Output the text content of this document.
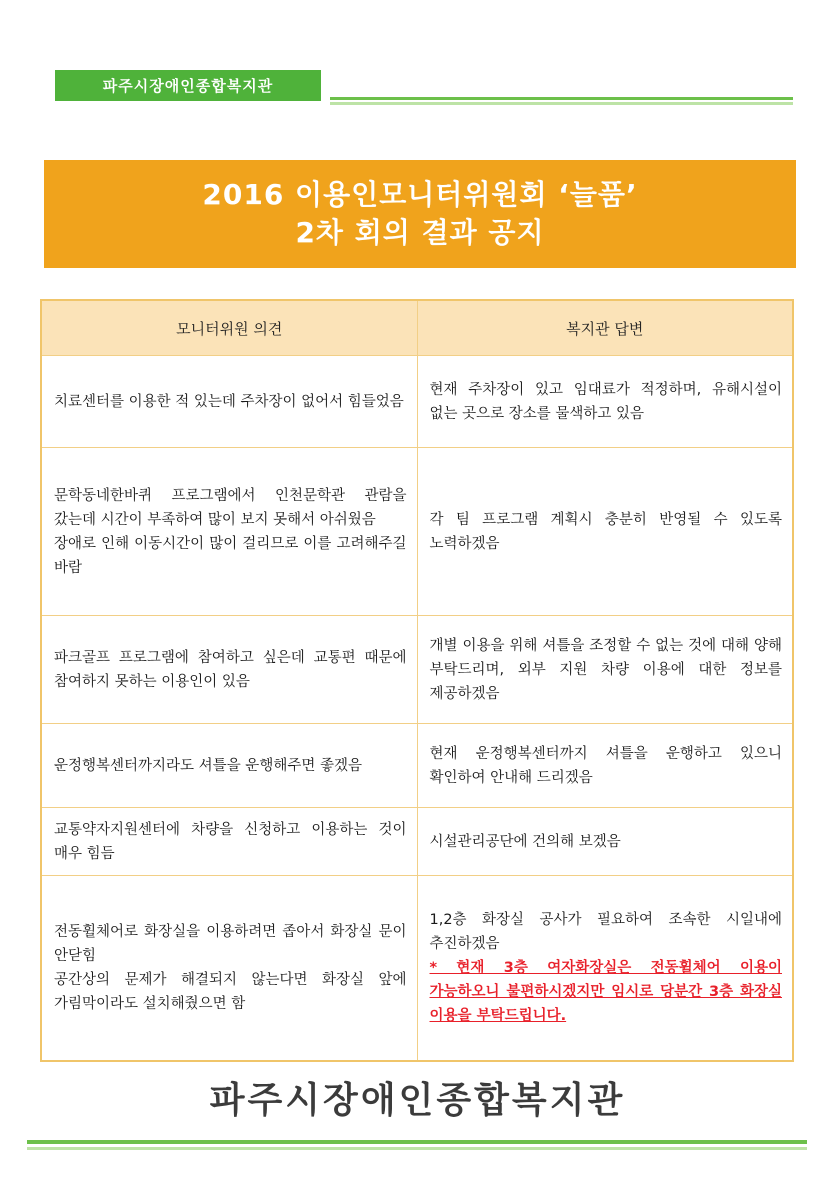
파주시장애인종합복지관
2016 이용인모니터위원회 ‘늘품’
2차 회의 결과 공지
모니터위원 의견	복지관 답변

치료센터를 이용한 적 있는데 주차장이 없어서 힘들었음	현재 주차장이 있고 임대료가 적정하며, 유해시설이 없는 곳으로 장소를 물색하고 있음

문학동네한바퀴 프로그램에서 인천문학관 관람을 갔는데 시간이 부족하여 많이 보지 못해서 아쉬웠음
장애로 인해 이동시간이 많이 걸리므로 이를 고려해주길 바람	각 팀 프로그램 계획시 충분히 반영될 수 있도록 노력하겠음

파크골프 프로그램에 참여하고 싶은데 교통편 때문에 참여하지 못하는 이용인이 있음	개별 이용을 위해 셔틀을 조정할 수 없는 것에 대해 양해 부탁드리며, 외부 지원 차량 이용에 대한 정보를 제공하겠음

운정행복센터까지라도 셔틀을 운행해주면 좋겠음	현재 운정행복센터까지 셔틀을 운행하고 있으니 확인하여 안내해 드리겠음

교통약자지원센터에 차량을 신청하고 이용하는 것이 매우 힘듬	시설관리공단에 건의해 보겠음

전동휠체어로 화장실을 이용하려면 좁아서 화장실 문이 안닫힘
공간상의 문제가 해결되지 않는다면 화장실 앞에 가림막이라도 설치해줬으면 함	1,2층 화장실 공사가 필요하여 조속한 시일내에 추진하겠음
* 현재 3층 여자화장실은 전동휠체어 이용이 가능하오니 불편하시겠지만 임시로 당분간 3층 화장실 이용을 부탁드립니다.
파주시장애인종합복지관
